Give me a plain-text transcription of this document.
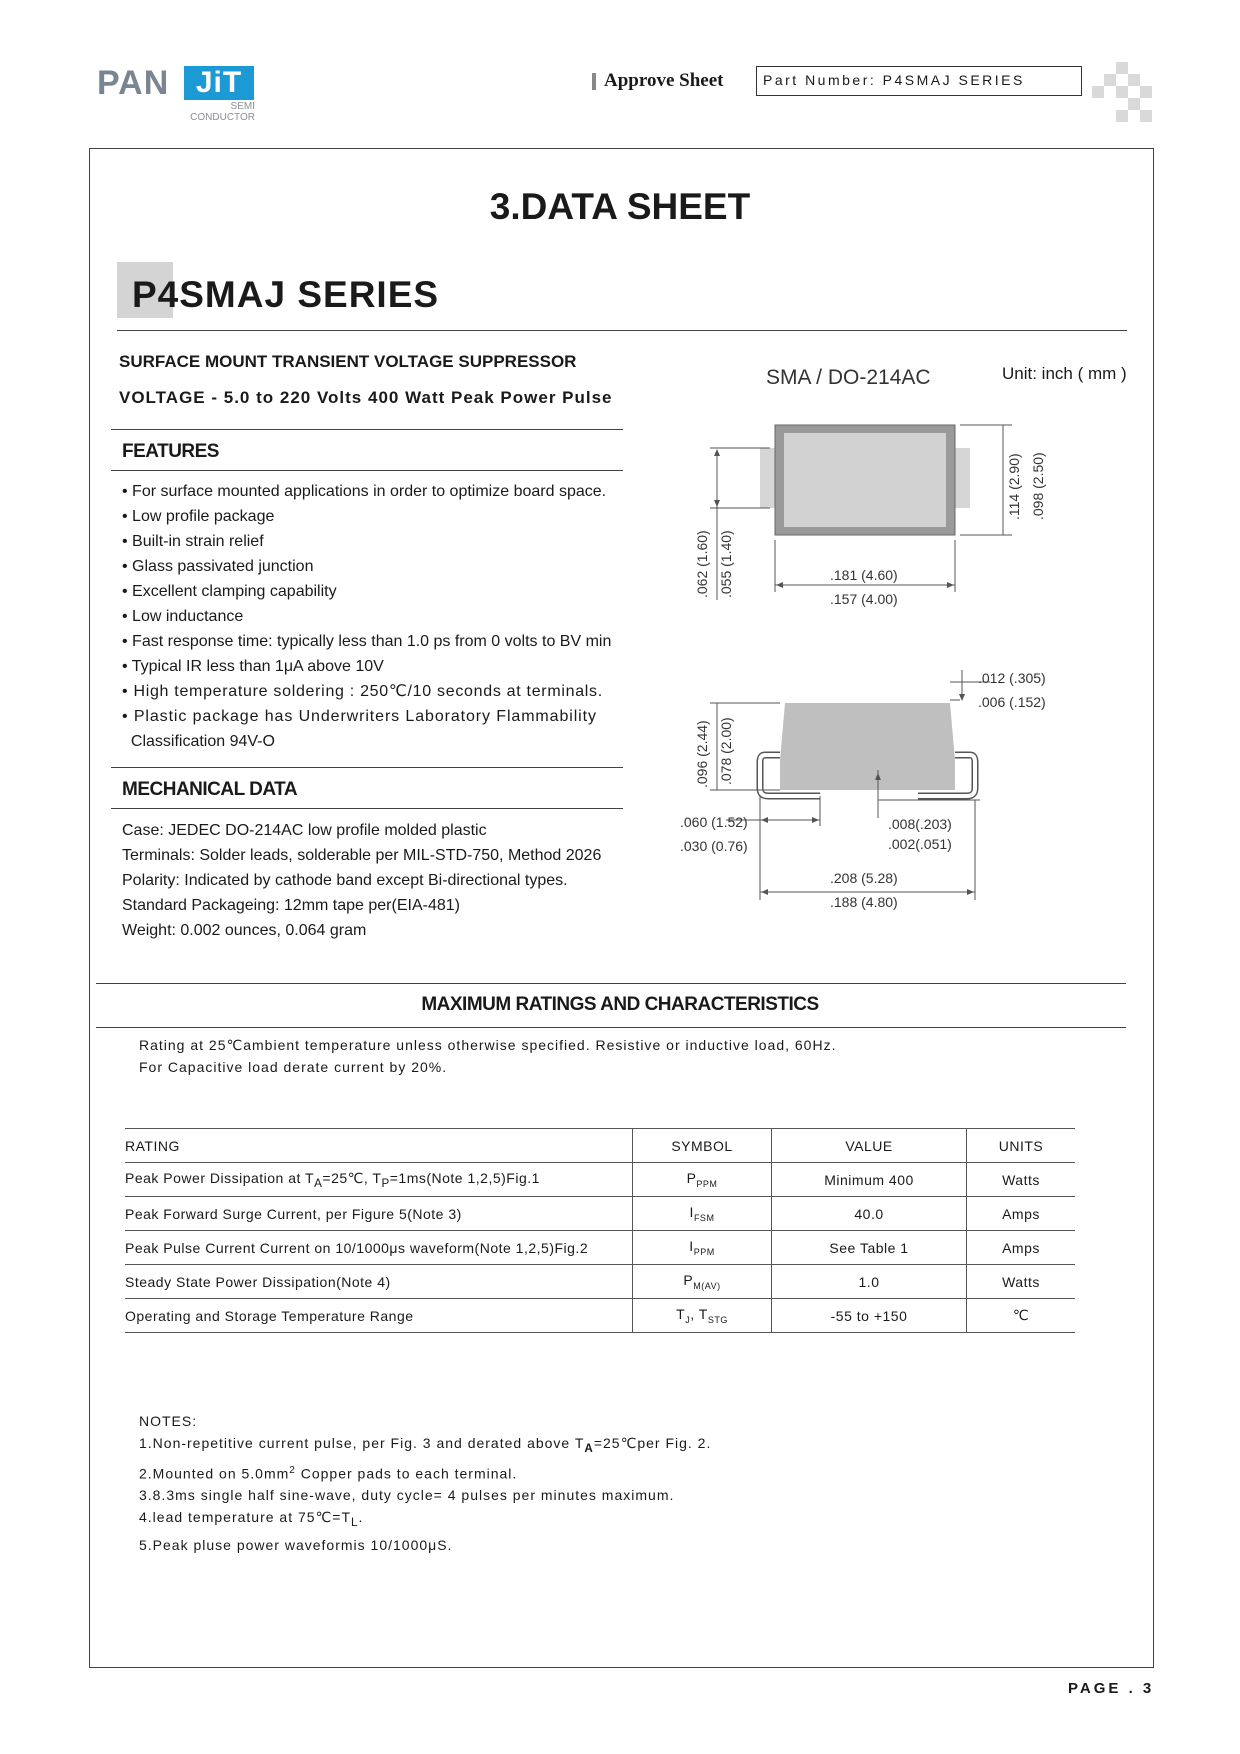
PAN JiT
SEMI
CONDUCTOR
Approve Sheet	Part Number: P4SMAJ SERIES
3.DATA SHEET
P4SMAJ SERIES
SURFACE MOUNT TRANSIENT VOLTAGE SUPPRESSOR
VOLTAGE - 5.0 to 220 Volts 400 Watt Peak Power Pulse
SMA / DO-214AC	Unit: inch ( mm )
FEATURES
• For surface mounted applications in order to optimize board space.
• Low profile package
• Built-in strain relief
• Glass passivated junction
• Excellent clamping capability
• Low inductance
• Fast response time: typically less than 1.0 ps from 0 volts to BV min
• Typical IR less than 1μA above 10V
• High temperature soldering : 250℃/10 seconds at terminals.
• Plastic package has Underwriters Laboratory Flammability
Classification 94V-O
MECHANICAL DATA
Case: JEDEC DO-214AC low profile molded plastic
Terminals: Solder leads, solderable per MIL-STD-750, Method 2026
Polarity: Indicated by cathode band except Bi-directional types.
Standard Packageing: 12mm tape per(EIA-481)
Weight: 0.002 ounces, 0.064 gram
.062 (1.60) .055 (1.40)	.181 (4.60)
.157 (4.00)
.114 (2.90) .098 (2.50)
.012 (.305)
.006 (.152)
.096 (2.44) .078 (2.00)
.060 (1.52)
.030 (0.76)
.008(.203)
.002(.051)
.208 (5.28)
.188 (4.80)
MAXIMUM RATINGS AND CHARACTERISTICS
Rating at 25℃ambient temperature unless otherwise specified. Resistive or inductive load, 60Hz.
For Capacitive load derate current by 20%.
RATING	SYMBOL	VALUE	UNITS
Peak Power Dissipation at $T_A=25℃$, $T_P=1ms(Note$ 1,2,5)Fig.1	$P_{PPM}$	Minimum 400	Watts
Peak Forward Surge Current, per Figure 5(Note 3)	$I_{FSM}$	40.0	Amps
Peak Pulse Current Current on 10/1000μs waveform(Note 1,2,5)Fig.2	$I_{PPM}$	See Table 1	Amps
Steady State Power Dissipation(Note 4)	$P_{M(AV)}$	1.0	Watts
Operating and Storage Temperature Range	$T_J$, $T_{STG}$	-55 to +150	℃
NOTES:
1.Non-repetitive current pulse, per Fig. 3 and derated above $T_A=25℃per$ Fig. 2.
2.Mounted on $5.0mm^2$ Copper pads to each terminal.
3.8.3ms single half sine-wave, duty cycle= 4 pulses per minutes maximum.
4.lead temperature at $75℃=T_L$.
5.Peak pluse power waveformis 10/1000μS.
PAGE . 3
